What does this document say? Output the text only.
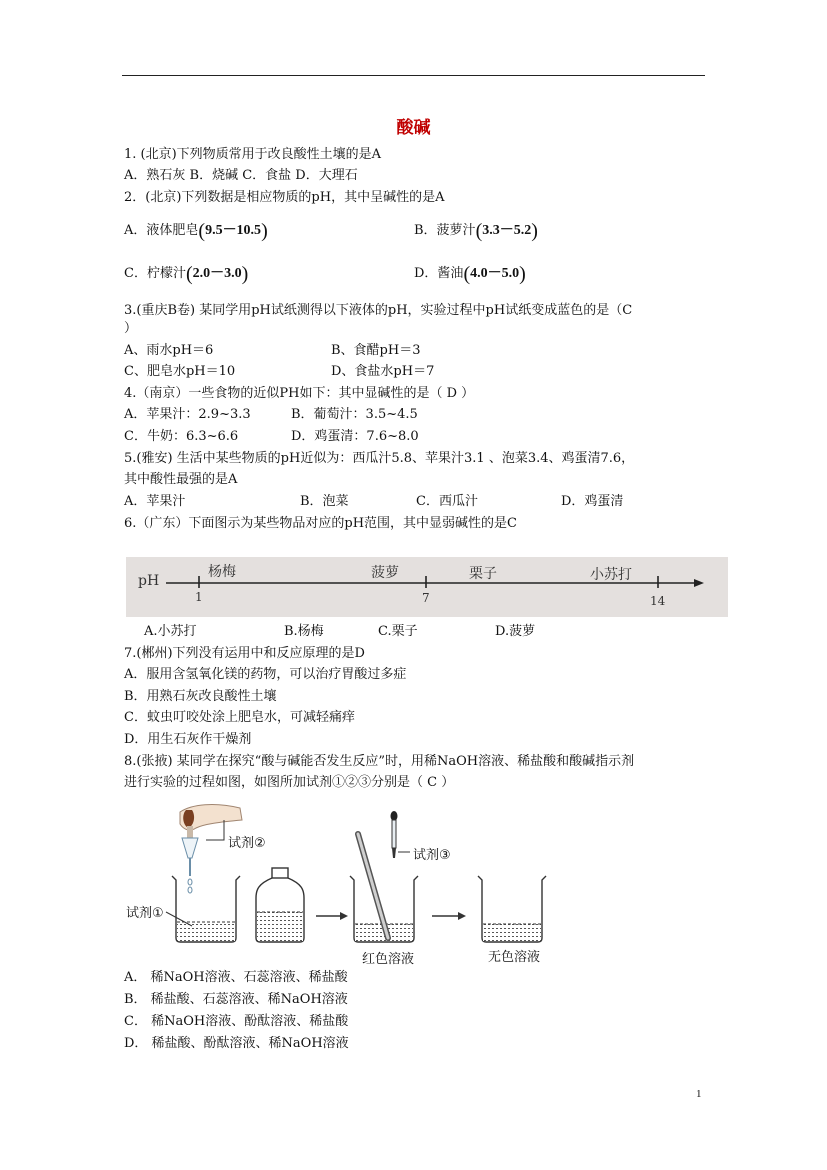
酸碱
1. (北京)下列物质常用于改良酸性土壤的是A
A．熟石灰 B．烧碱 C．食盐 D．大理石
2．(北京)下列数据是相应物质的pH，其中呈碱性的是A
A．液体肥皂(9.5－10.5)	B．菠萝汁(3.3－5.2)
C．柠檬汁(2.0－3.0)	D．酱油(4.0－5.0)
3.(重庆B卷) 某同学用pH试纸测得以下液体的pH，实验过程中pH试纸变成蓝色的是（C
）
A、雨水pH＝6	B、食醋pH＝3
C、肥皂水pH＝10	D、食盐水pH＝7
4.（南京）一些食物的近似PH如下：其中显碱性的是（ D ）
A．苹果汁：2.9~3.3	B．葡萄汁：3.5~4.5
C．牛奶：6.3~6.6	D．鸡蛋清：7.6~8.0
5.(雅安) 生活中某些物质的pH近似为：西瓜汁5.8、苹果汁3.1 、泡菜3.4、鸡蛋清7.6，
其中酸性最强的是A
A．苹果汁	B．泡菜	C．西瓜汁	D．鸡蛋清
6.（广东）下面图示为某些物品对应的pH范围，其中显弱碱性的是C
pH
1	7	14
杨梅	菠萝	栗子	小苏打
A.小苏打	B.杨梅	C.栗子	D.菠萝
7.(郴州)下列没有运用中和反应原理的是D
A．服用含氢氧化镁的药物，可以治疗胃酸过多症
B．用熟石灰改良酸性土壤
C．蚊虫叮咬处涂上肥皂水，可减轻痛痒
D．用生石灰作干燥剂
8.(张掖) 某同学在探究“酸与碱能否发生反应”时，用稀NaOH溶液、稀盐酸和酸碱指示剂
进行实验的过程如图，如图所加试剂①②③分别是（ C ）
试剂②
试剂①
试剂③
红色溶液	无色溶液
A． 稀NaOH溶液、石蕊溶液、稀盐酸
B． 稀盐酸、石蕊溶液、稀NaOH溶液
C． 稀NaOH溶液、酚酞溶液、稀盐酸
D． 稀盐酸、酚酞溶液、稀NaOH溶液
1
